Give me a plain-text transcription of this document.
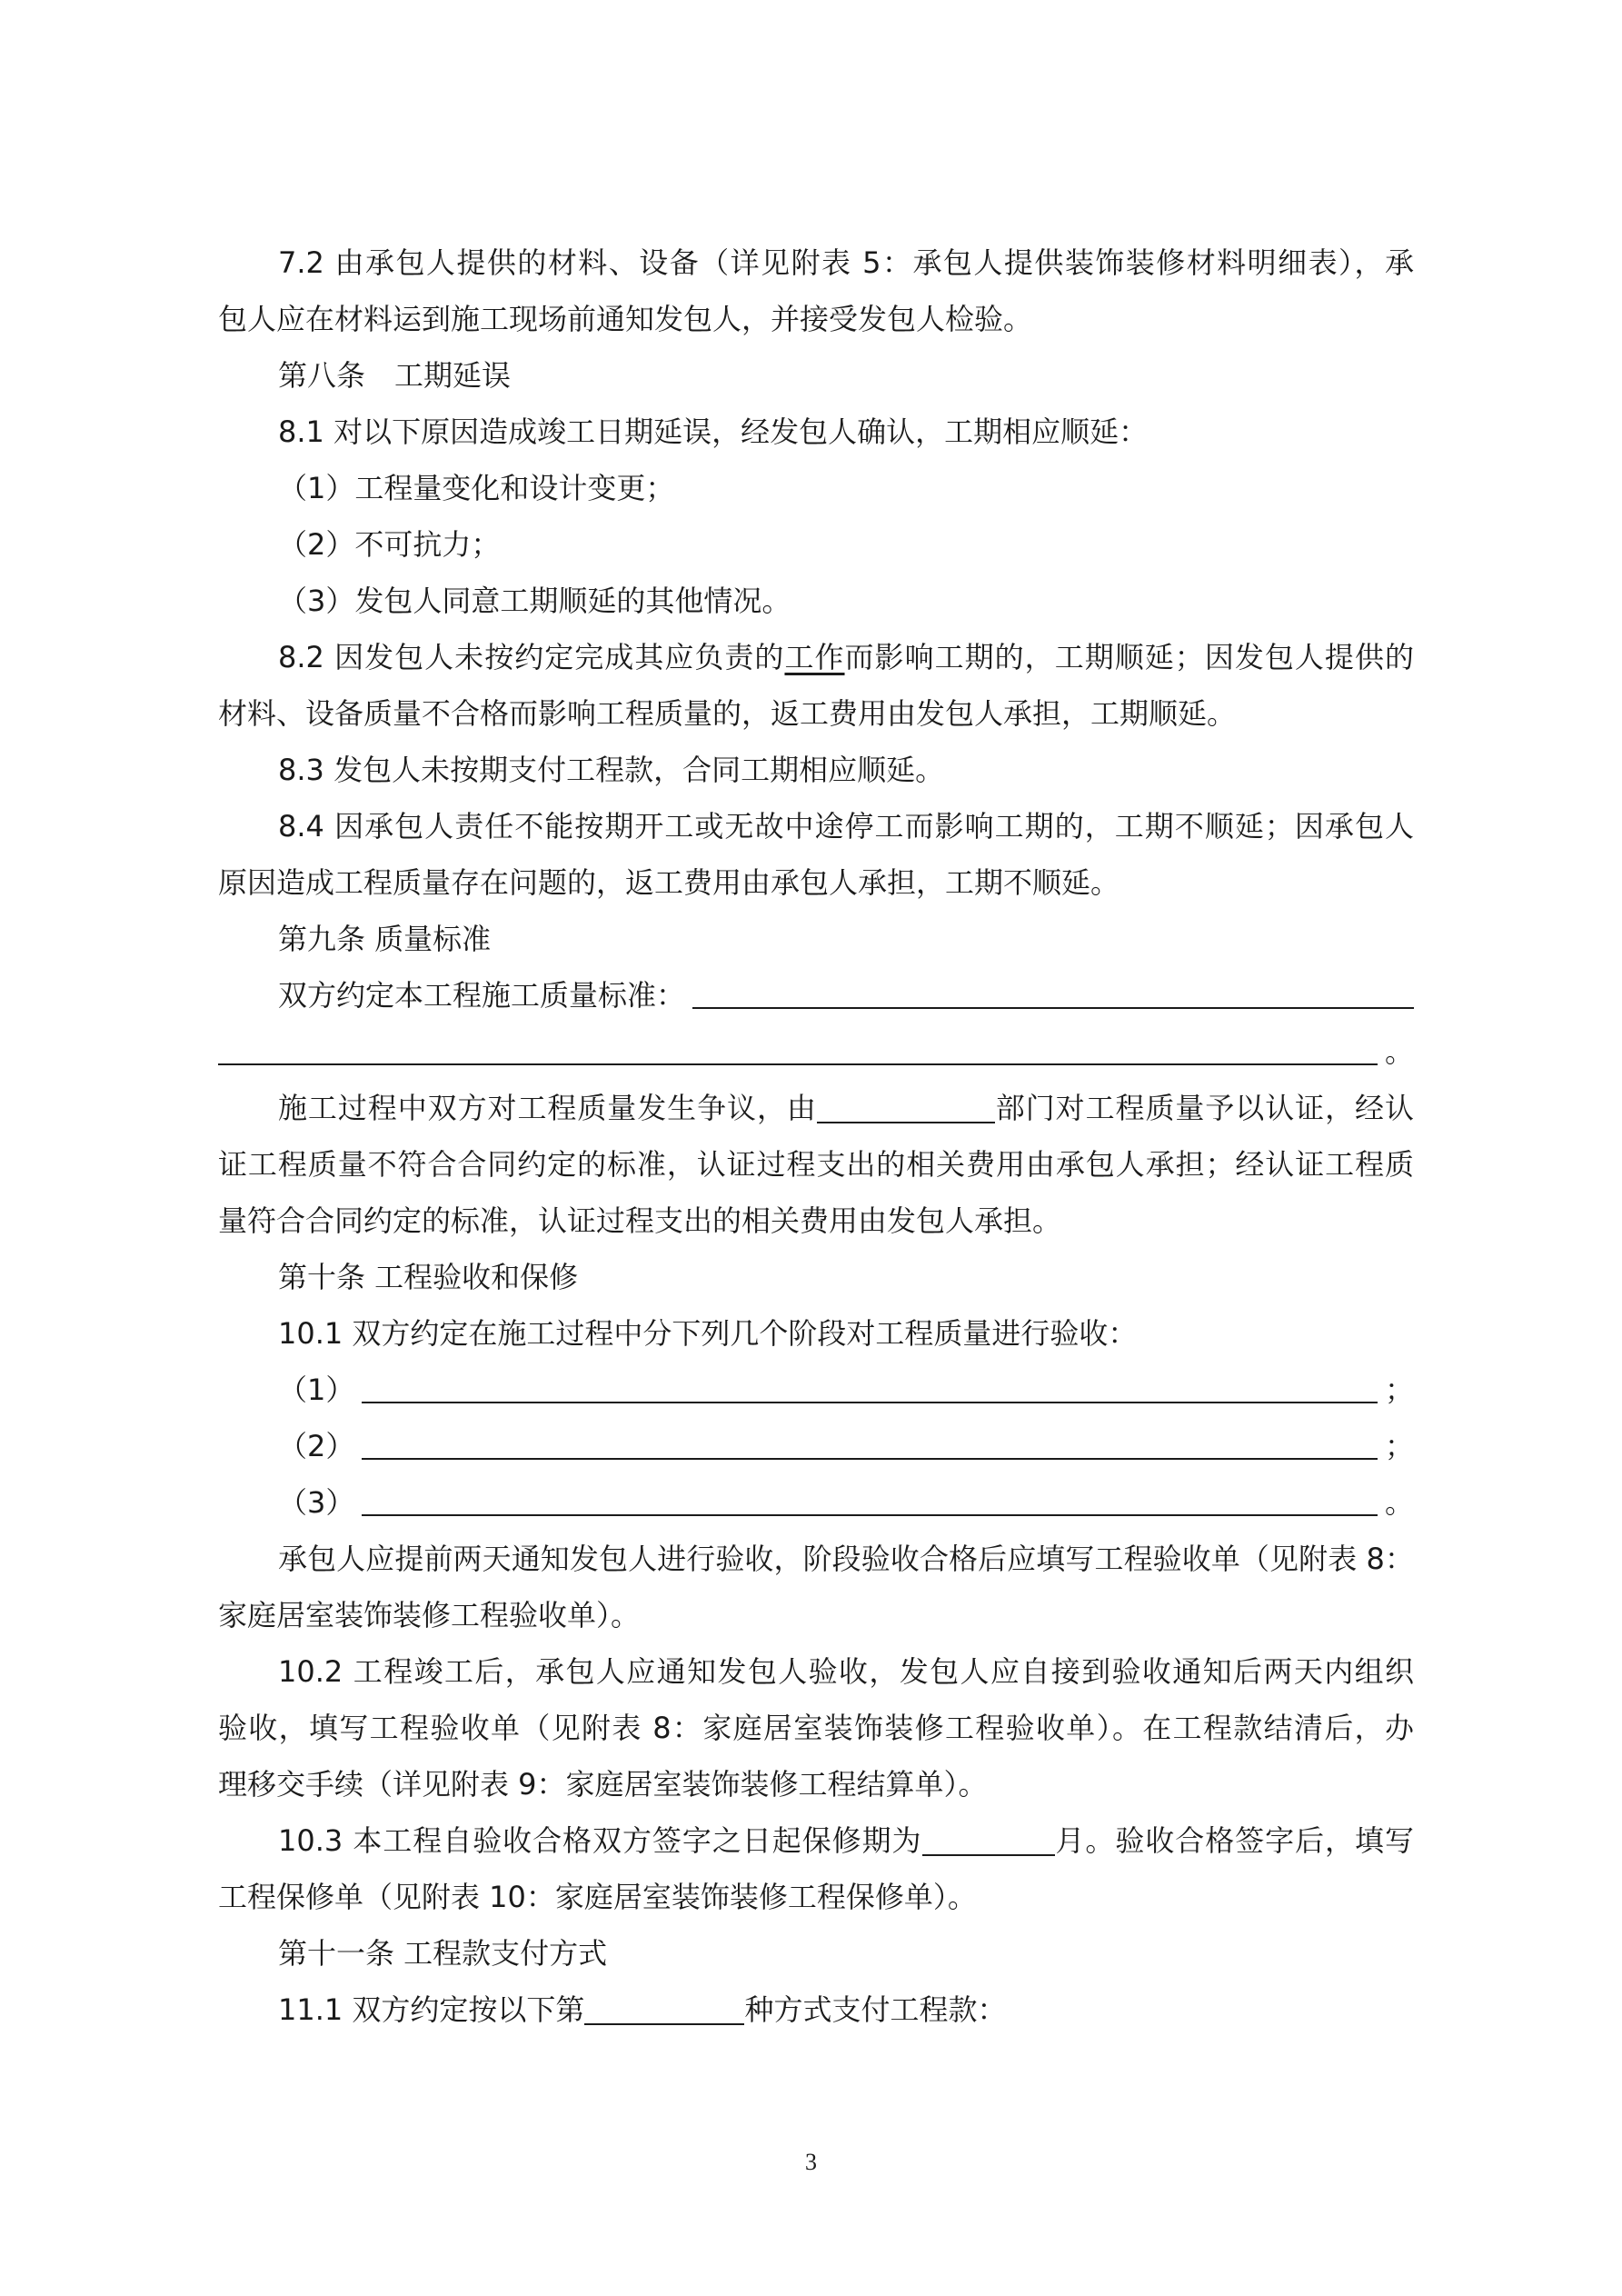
7.2 由承包人提供的材料、设备（详见附表 5：承包人提供装饰装修材料明细表），承
包人应在材料运到施工现场前通知发包人，并接受发包人检验。
第八条　工期延误
8.1 对以下原因造成竣工日期延误，经发包人确认，工期相应顺延：
（1）工程量变化和设计变更；
（2）不可抗力；
（3）发包人同意工期顺延的其他情况。
8.2 因发包人未按约定完成其应负责的工作而影响工期的，工期顺延；因发包人提供的
材料、设备质量不合格而影响工程质量的，返工费用由发包人承担，工期顺延。
8.3 发包人未按期支付工程款，合同工期相应顺延。
8.4 因承包人责任不能按期开工或无故中途停工而影响工期的，工期不顺延；因承包人
原因造成工程质量存在问题的，返工费用由承包人承担，工期不顺延。
第九条 质量标准
双方约定本工程施工质量标准：
。
施工过程中双方对工程质量发生争议，由	部门对工程质量予以认证，经认
证工程质量不符合合同约定的标准，认证过程支出的相关费用由承包人承担；经认证工程质
量符合合同约定的标准，认证过程支出的相关费用由发包人承担。
第十条 工程验收和保修
10.1 双方约定在施工过程中分下列几个阶段对工程质量进行验收：
（1）	；
（2）	；
（3）	。
承包人应提前两天通知发包人进行验收，阶段验收合格后应填写工程验收单（见附表 8：
家庭居室装饰装修工程验收单）。
10.2 工程竣工后，承包人应通知发包人验收，发包人应自接到验收通知后两天内组织
验收，填写工程验收单（见附表 8：家庭居室装饰装修工程验收单）。在工程款结清后，办
理移交手续（详见附表 9：家庭居室装饰装修工程结算单）。
10.3 本工程自验收合格双方签字之日起保修期为	月。验收合格签字后，填写
工程保修单（见附表 10：家庭居室装饰装修工程保修单）。
第十一条 工程款支付方式
11.1 双方约定按以下第	种方式支付工程款：
3
